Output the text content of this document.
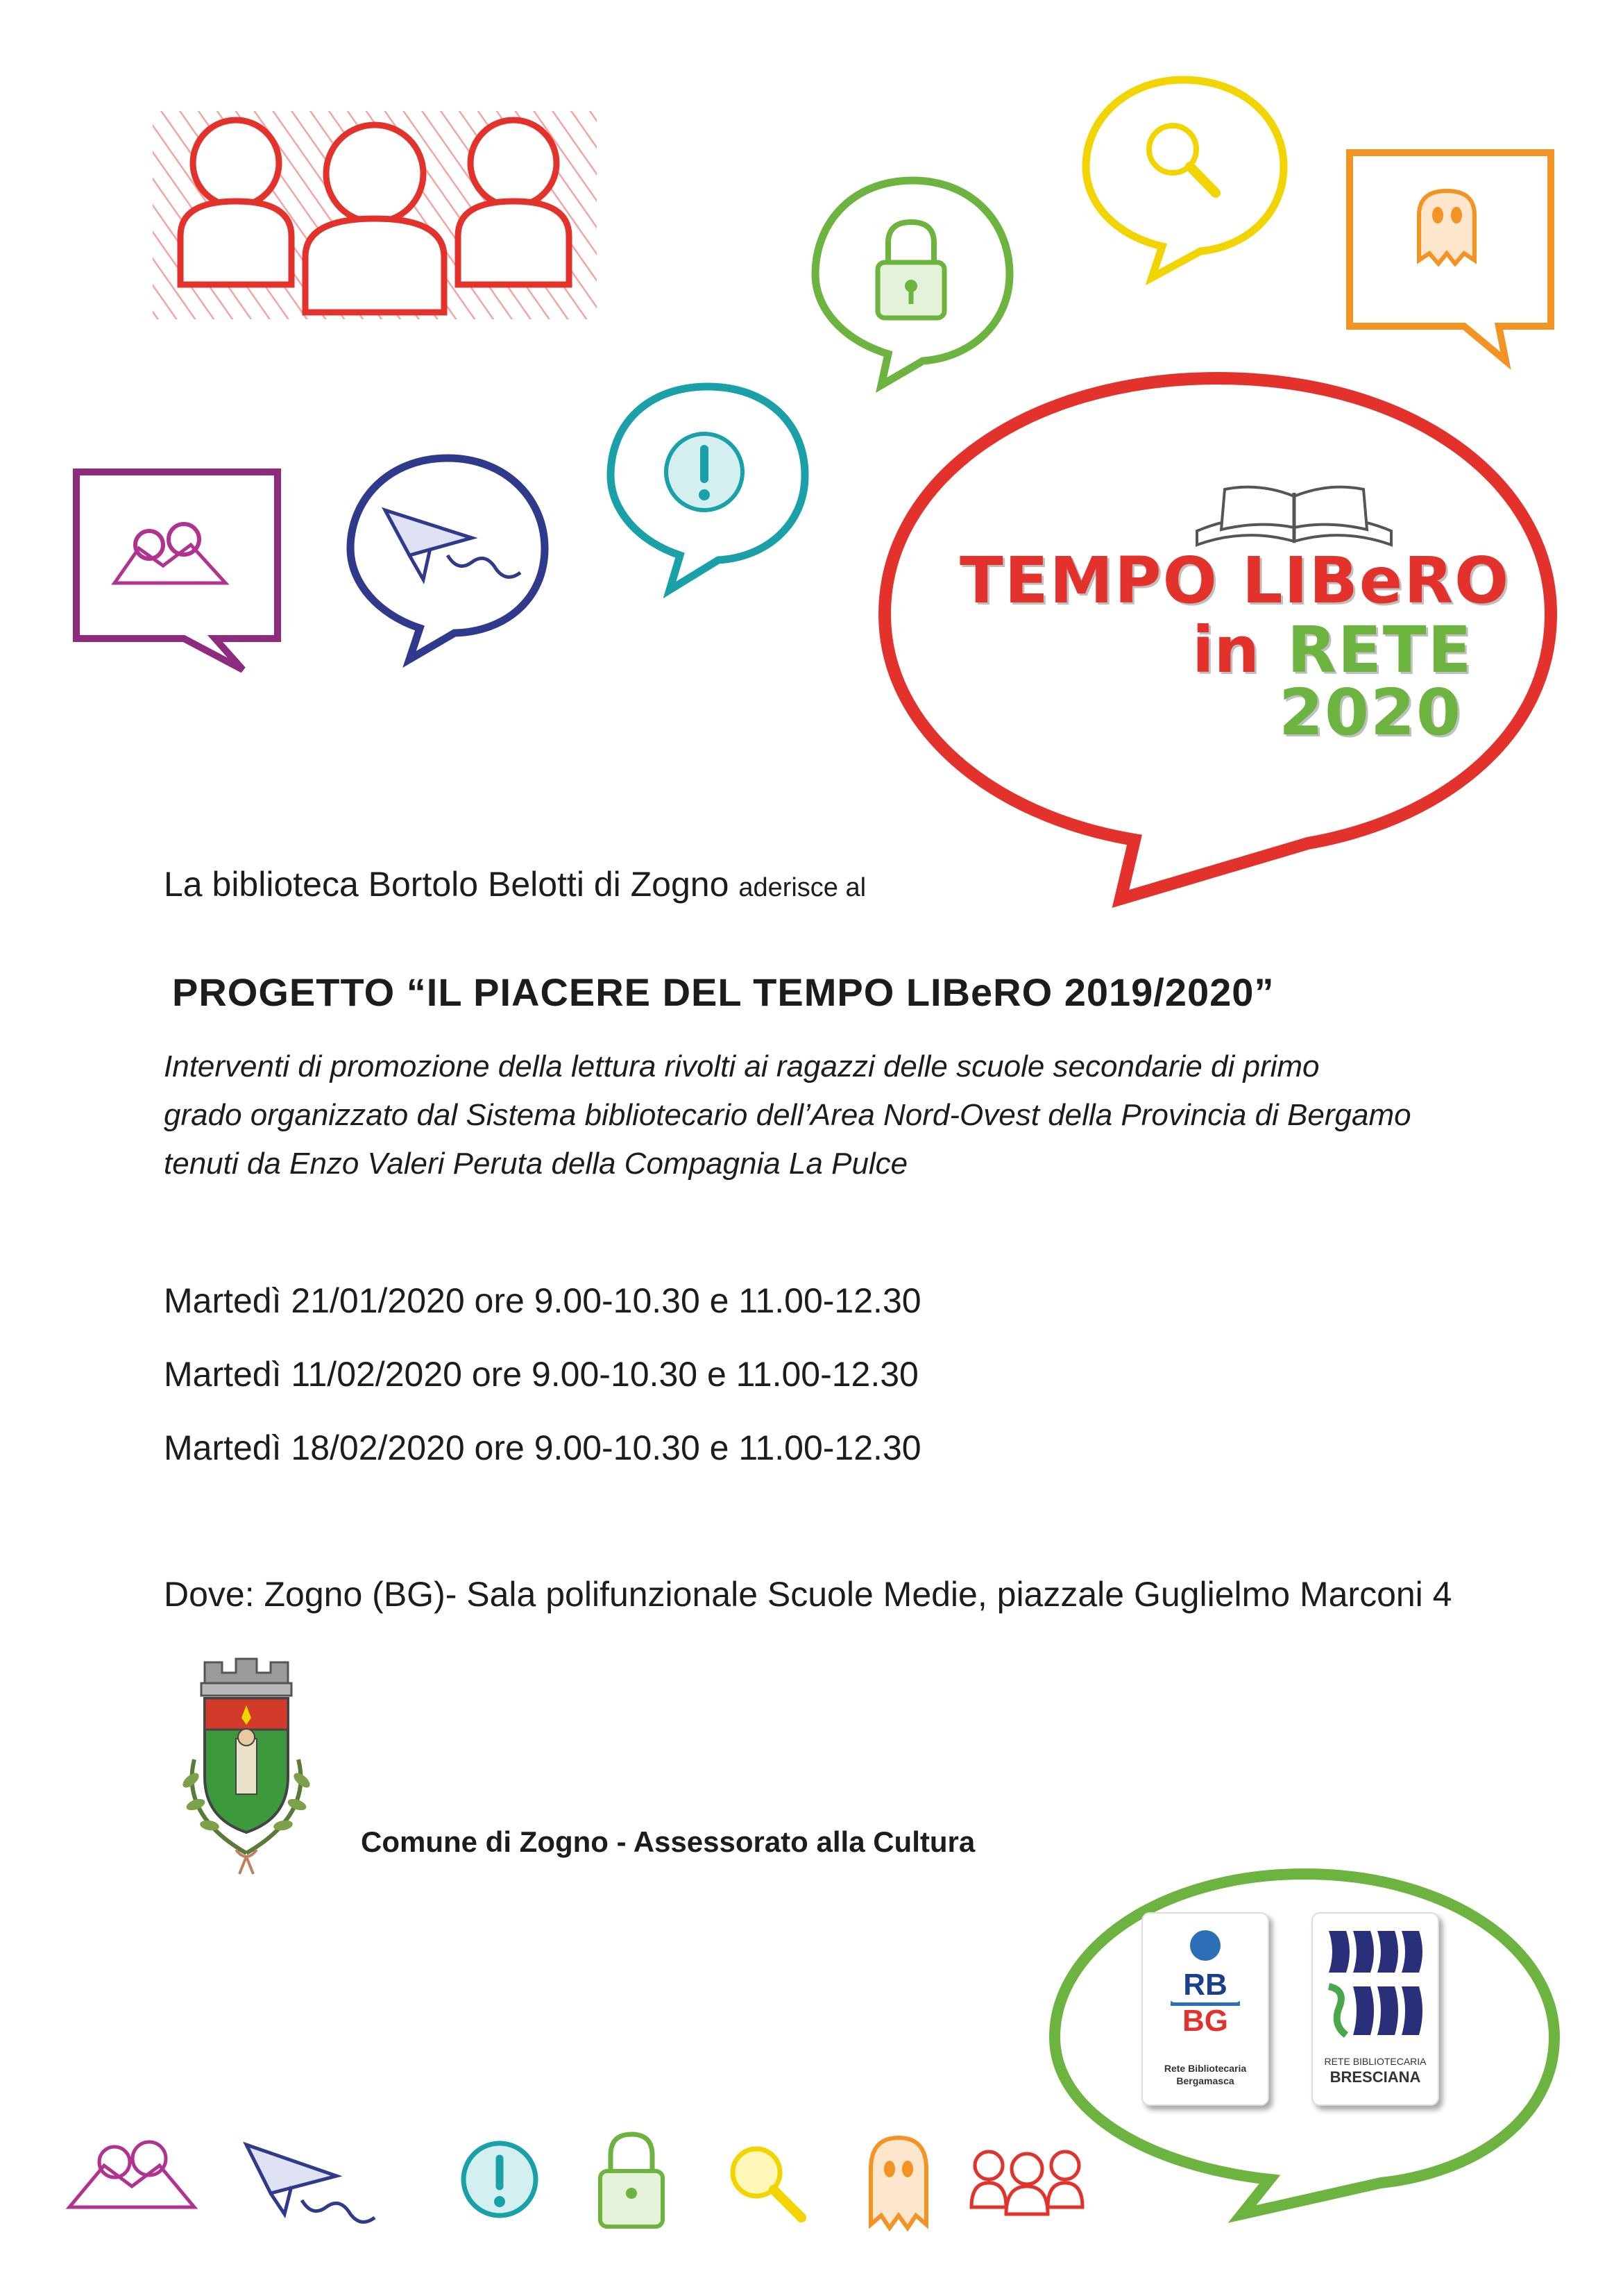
TEMPO LIBeRO
in RETE
2020
La biblioteca Bortolo Belotti di Zogno aderisce al
PROGETTO “IL PIACERE DEL TEMPO LIBeRO 2019/2020”
Interventi di promozione della lettura rivolti ai ragazzi delle scuole secondarie di primo
grado organizzato dal Sistema bibliotecario dell’Area Nord-Ovest della Provincia di Bergamo
tenuti da Enzo Valeri Peruta della Compagnia La Pulce
Martedì 21/01/2020 ore 9.00-10.30 e 11.00-12.30
Martedì 11/02/2020 ore 9.00-10.30 e 11.00-12.30
Martedì 18/02/2020 ore 9.00-10.30 e 11.00-12.30
Dove: Zogno (BG)- Sala polifunzionale Scuole Medie, piazzale Guglielmo Marconi 4
Comune di Zogno - Assessorato alla Cultura
RB
BG
Rete Bibliotecaria
Bergamasca
RETE BIBLIOTECARIA
BRESCIANA
